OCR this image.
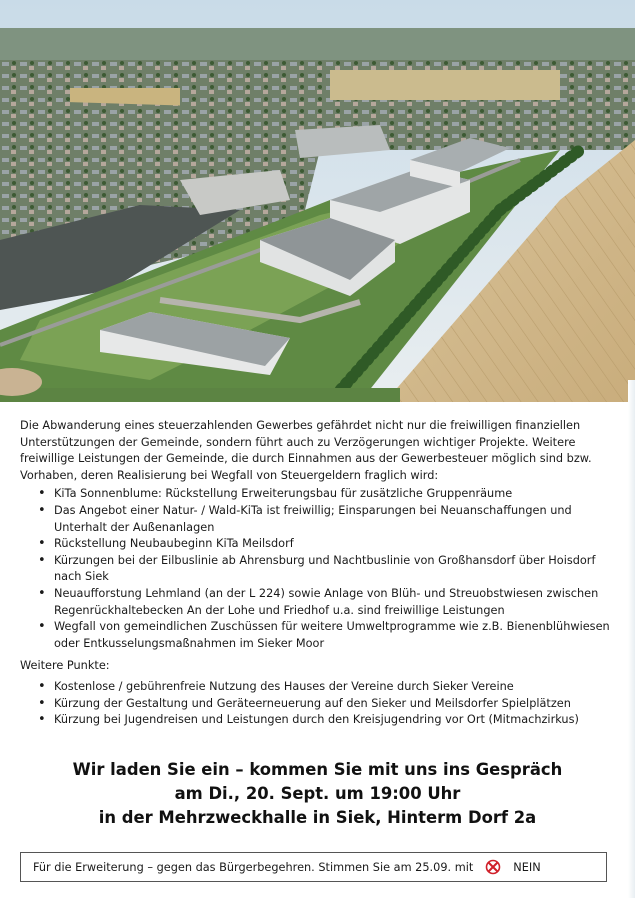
Die Abwanderung eines steuerzahlenden Gewerbes gefährdet nicht nur die freiwilligen finanziellen Unterstützungen der Gemeinde, sondern führt auch zu Verzögerungen wichtiger Projekte. Weitere freiwillige Leistungen der Gemeinde, die durch Einnahmen aus der Gewerbesteuer möglich sind bzw. Vorhaben, deren Realisierung bei Wegfall von Steuergeldern fraglich wird:

• KiTa Sonnenblume: Rückstellung Erweiterungsbau für zusätzliche Gruppenräume
• Das Angebot einer Natur- / Wald-KiTa ist freiwillig; Einsparungen bei Neuanschaffungen und Unterhalt der Außenanlagen
• Rückstellung Neubaubeginn KiTa Meilsdorf
• Kürzungen bei der Eilbuslinie ab Ahrensburg und Nachtbuslinie von Großhansdorf über Hoisdorf nach Siek
• Neuaufforstung Lehmland (an der L 224) sowie Anlage von Blüh- und Streuobstwiesen zwischen Regenrückhaltebecken An der Lohe und Friedhof u.a. sind freiwillige Leistungen
• Wegfall von gemeindlichen Zuschüssen für weitere Umweltprogramme wie z.B. Bienenblühwiesen oder Entkusselungsmaßnahmen im Sieker Moor

Weitere Punkte:

• Kostenlose / gebührenfreie Nutzung des Hauses der Vereine durch Sieker Vereine
• Kürzung der Gestaltung und Geräteerneuerung auf den Sieker und Meilsdorfer Spielplätzen
• Kürzung bei Jugendreisen und Leistungen durch den Kreisjugendring vor Ort (Mitmachzirkus)
Wir laden Sie ein – kommen Sie mit uns ins Gespräch
am Di., 20. Sept. um 19:00 Uhr
in der Mehrzweckhalle in Siek, Hinterm Dorf 2a
Für die Erweiterung – gegen das Bürgerbegehren. Stimmen Sie am 25.09. mit	NEIN
